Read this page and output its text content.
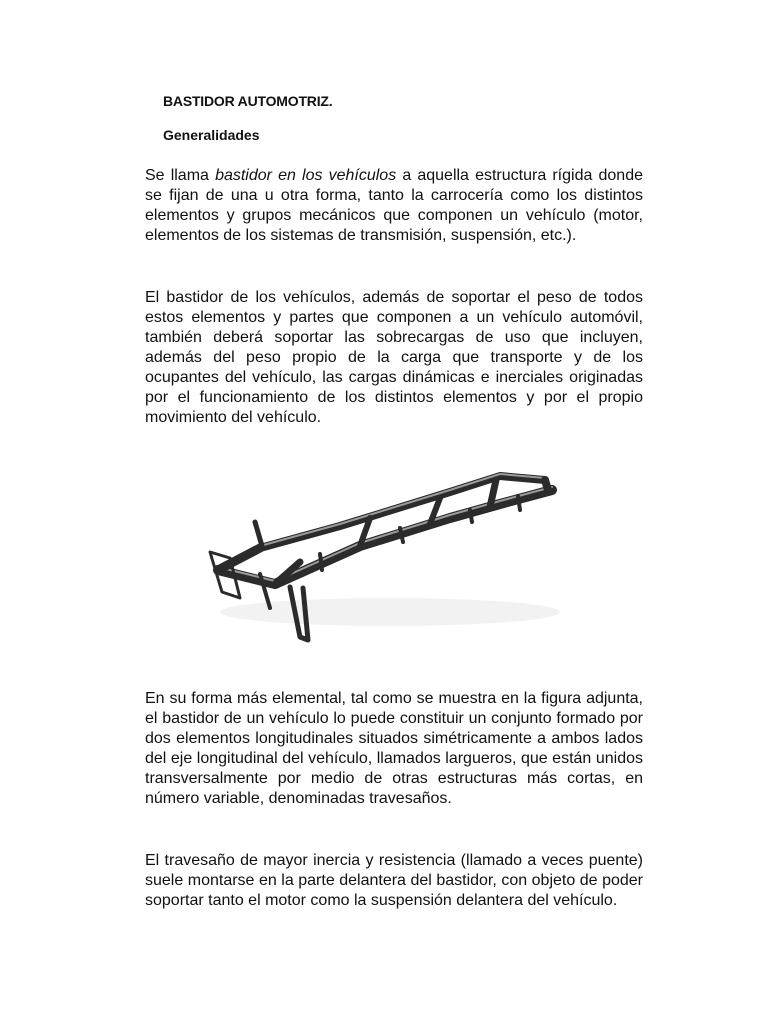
BASTIDOR AUTOMOTRIZ.
Generalidades

Se llama bastidor en los vehículos a aquella estructura rígida donde se fijan de una u otra forma, tanto la carrocería como los distintos elementos y grupos mecánicos que componen un vehículo (motor, elementos de los sistemas de transmisión, suspensión, etc.).

El bastidor de los vehículos, además de soportar el peso de todos estos elementos y partes que componen a un vehículo automóvil, también deberá soportar las sobrecargas de uso que incluyen, además del peso propio de la carga que transporte y de los ocupantes del vehículo, las cargas dinámicas e inerciales originadas por el funcionamiento de los distintos elementos y por el propio movimiento del vehículo.

En su forma más elemental, tal como se muestra en la figura adjunta, el bastidor de un vehículo lo puede constituir un conjunto formado por dos elementos longitudinales situados simétricamente a ambos lados del eje longitudinal del vehículo, llamados largueros, que están unidos transversalmente por medio de otras estructuras más cortas, en número variable, denominadas travesaños.

El travesaño de mayor inercia y resistencia (llamado a veces puente) suele montarse en la parte delantera del bastidor, con objeto de poder soportar tanto el motor como la suspensión delantera del vehículo.
